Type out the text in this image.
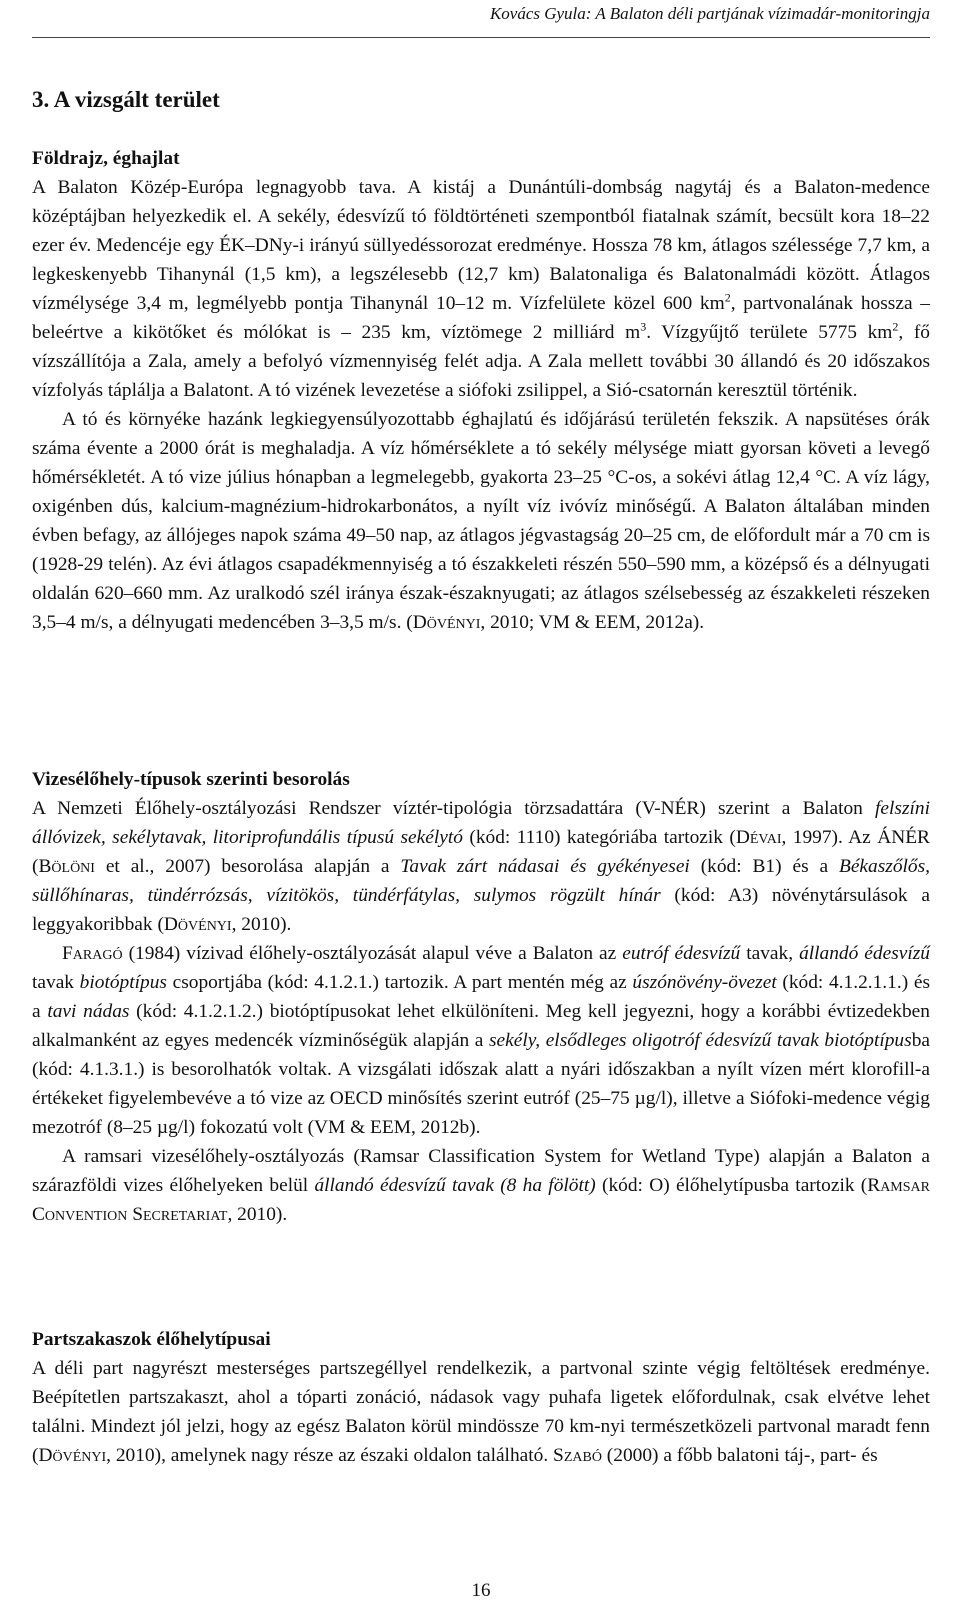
Kovács Gyula: A Balaton déli partjának vízimadár-monitoringja
3. A vizsgált terület
Földrajz, éghajlat

A Balaton Közép-Európa legnagyobb tava. A kistáj a Dunántúli-dombság nagytáj és a Balaton-medence középtájban helyezkedik el. A sekély, édesvízű tó földtörténeti szempontból fiatalnak számít, becsült kora 18–22 ezer év. Medencéje egy ÉK–DNy-i irányú süllyedéssorozat eredménye. Hossza 78 km, átlagos szélessége 7,7 km, a legkeskenyebb Tihanynál (1,5 km), a legszélesebb (12,7 km) Balatonaliga és Balatonalmádi között. Átlagos vízmélysége 3,4 m, legmélyebb pontja Tihanynál 10–12 m. Vízfelülete közel 600 $km^2$, partvonalának hossza – beleértve a kikötőket és mólókat is – 235 km, víztömege 2 milliárd $m^3$. Vízgyűjtő területe 5775 $km^2$, fő vízszállítója a Zala, amely a befolyó vízmennyiség felét adja. A Zala mellett további 30 állandó és 20 időszakos vízfolyás táplálja a Balatont. A tó vizének levezetése a siófoki zsilippel, a Sió-csatornán keresztül történik.

A tó és környéke hazánk legkiegyensúlyozottabb éghajlatú és időjárású területén fekszik. A napsütéses órák száma évente a 2000 órát is meghaladja. A víz hőmérséklete a tó sekély mélysége miatt gyorsan követi a levegő hőmérsékletét. A tó vize július hónapban a legmelegebb, gyakorta 23–25 °C-os, a sokévi átlag 12,4 °C. A víz lágy, oxigénben dús, kalcium-magnézium-hidrokarbonátos, a nyílt víz ivóvíz minőségű. A Balaton általában minden évben befagy, az állójeges napok száma 49–50 nap, az átlagos jégvastagság 20–25 cm, de előfordult már a 70 cm is (1928-29 telén). Az évi átlagos csapadékmennyiség a tó északkeleti részén 550–590 mm, a középső és a délnyugati oldalán 620–660 mm. Az uralkodó szél iránya észak-északnyugati; az átlagos szélsebesség az északkeleti részeken 3,5–4 m/s, a délnyugati medencében 3–3,5 m/s. (Dövényi, 2010; VM & EEM, 2012a).

Vizesélőhely-típusok szerinti besorolás

A Nemzeti Élőhely-osztályozási Rendszer víztér-tipológia törzsadattára (V-NÉR) szerint a Balaton felszíni állóvizek, sekélytavak, litoriprofundális típusú sekélytó (kód: 1110) kategóriába tartozik (Dévai, 1997). Az ÁNÉR (Bölöni et al., 2007) besorolása alapján a Tavak zárt nádasai és gyékényesei (kód: B1) és a Békaszőlős, süllőhínaras, tündérrózsás, vízitökös, tündérfátylas, sulymos rögzült hínár (kód: A3) növénytársulások a leggyakoribbak (Dövényi, 2010).

Faragó (1984) vízivad élőhely-osztályozását alapul véve a Balaton az eutróf édesvízű tavak, állandó édesvízű tavak biotóptípus csoportjába (kód: 4.1.2.1.) tartozik. A part mentén még az úszónövény-övezet (kód: 4.1.2.1.1.) és a tavi nádas (kód: 4.1.2.1.2.) biotóptípusokat lehet elkülöníteni. Meg kell jegyezni, hogy a korábbi évtizedekben alkalmanként az egyes medencék vízminőségük alapján a sekély, elsődleges oligotróf édesvízű tavak biotóptípusba (kód: 4.1.3.1.) is besorolhatók voltak. A vizsgálati időszak alatt a nyári időszakban a nyílt vízen mért klorofill-a értékeket figyelembevéve a tó vize az OECD minősítés szerint eutróf (25–75 µg/l), illetve a Siófoki-medence végig mezotróf (8–25 µg/l) fokozatú volt (VM & EEM, 2012b).

A ramsari vizesélőhely-osztályozás (Ramsar Classification System for Wetland Type) alapján a Balaton a szárazföldi vizes élőhelyeken belül állandó édesvízű tavak (8 ha fölött) (kód: O) élőhelytípusba tartozik (Ramsar Convention Secretariat, 2010).

Partszakaszok élőhelytípusai

A déli part nagyrészt mesterséges partszegéllyel rendelkezik, a partvonal szinte végig feltöltések eredménye. Beépítetlen partszakaszt, ahol a tóparti zonáció, nádasok vagy puhafa ligetek előfordulnak, csak elvétve lehet találni. Mindezt jól jelzi, hogy az egész Balaton körül mindössze 70 km-nyi természetközeli partvonal maradt fenn (Dövényi, 2010), amelynek nagy része az északi oldalon található. Szabó (2000) a főbb balatoni táj-, part- és

16
